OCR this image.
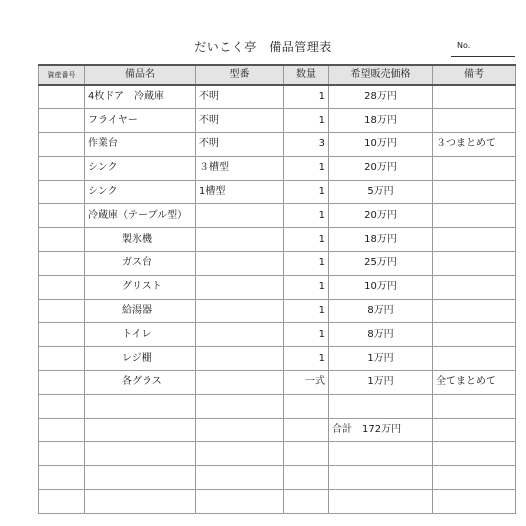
だいこく亭　備品管理表	No.
資産番号	備品名	型番	数量	希望販売価格	備考
	4枚ドア　冷蔵庫	不明	1	28万円	
	フライヤー	不明	1	18万円	
	作業台	不明	3	10万円	３つまとめて
	シンク	３槽型	1	20万円	
	シンク	1槽型	1	5万円	
	冷蔵庫（テーブル型）		1	20万円	
	製氷機		1	18万円	
	ガス台		1	25万円	
	グリスト		1	10万円	
	給湯器		1	8万円	
	トイレ		1	8万円	
	レジ棚		1	1万円	
	各グラス		一式	1万円	全てまとめて

				合計　172万円	
